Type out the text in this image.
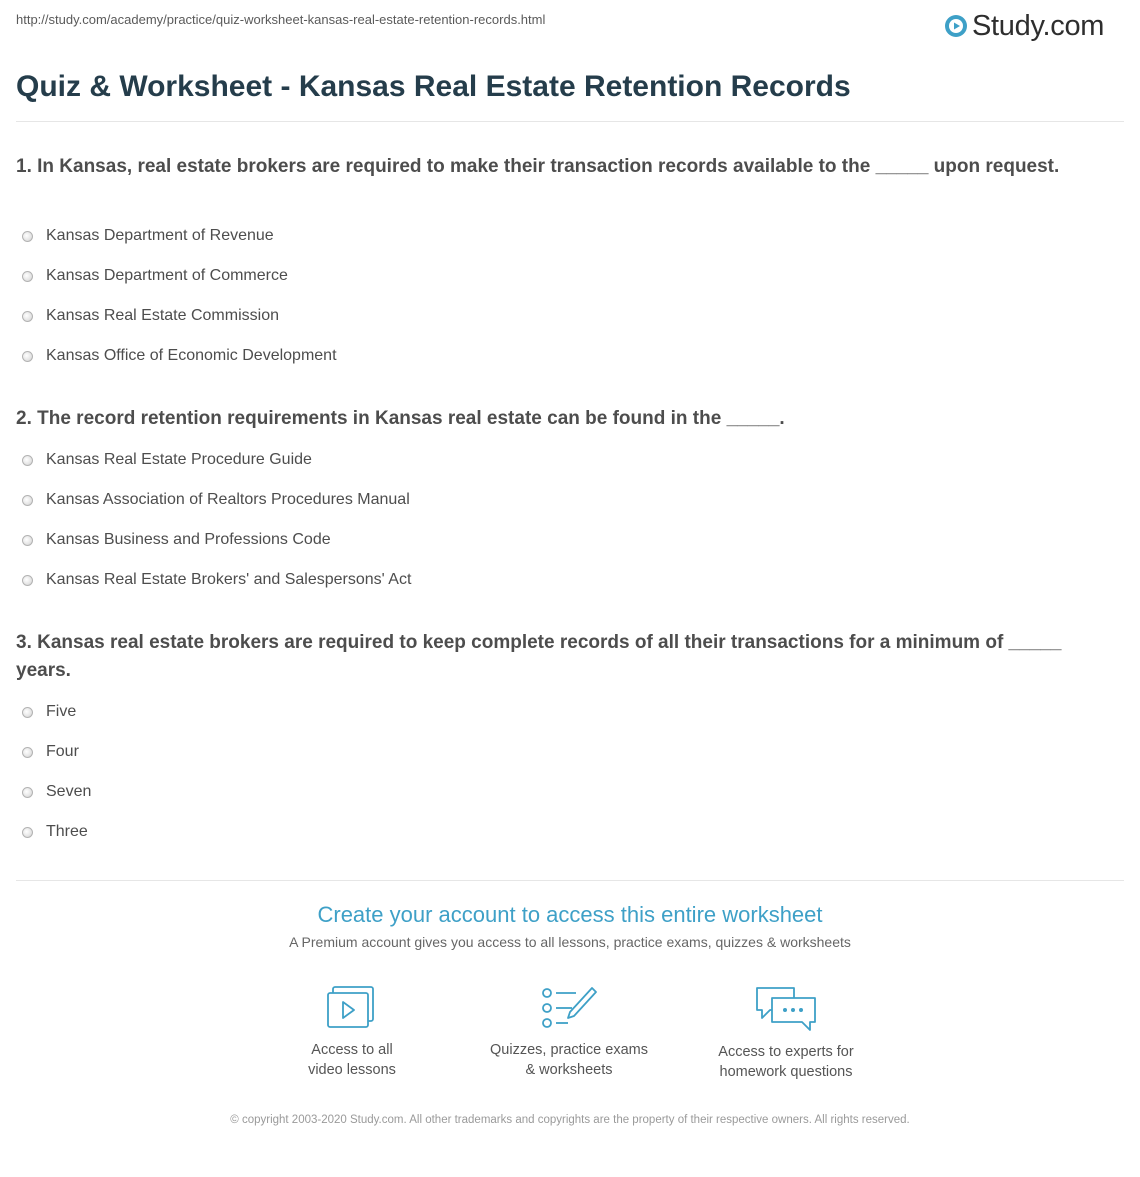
http://study.com/academy/practice/quiz-worksheet-kansas-real-estate-retention-records.html	Study.com
Quiz & Worksheet - Kansas Real Estate Retention Records

1. In Kansas, real estate brokers are required to make their transaction records available to the _____ upon request.

Kansas Department of Revenue
Kansas Department of Commerce
Kansas Real Estate Commission
Kansas Office of Economic Development

2. The record retention requirements in Kansas real estate can be found in the _____.

Kansas Real Estate Procedure Guide
Kansas Association of Realtors Procedures Manual
Kansas Business and Professions Code
Kansas Real Estate Brokers' and Salespersons' Act

3. Kansas real estate brokers are required to keep complete records of all their transactions for a minimum of _____ years.

Five
Four
Seven
Three

Create your account to access this entire worksheet

A Premium account gives you access to all lessons, practice exams, quizzes & worksheets
Access to all
video lessons
Quizzes, practice exams
& worksheets
Access to experts for
homework questions
© copyright 2003-2020 Study.com. All other trademarks and copyrights are the property of their respective owners. All rights reserved.
